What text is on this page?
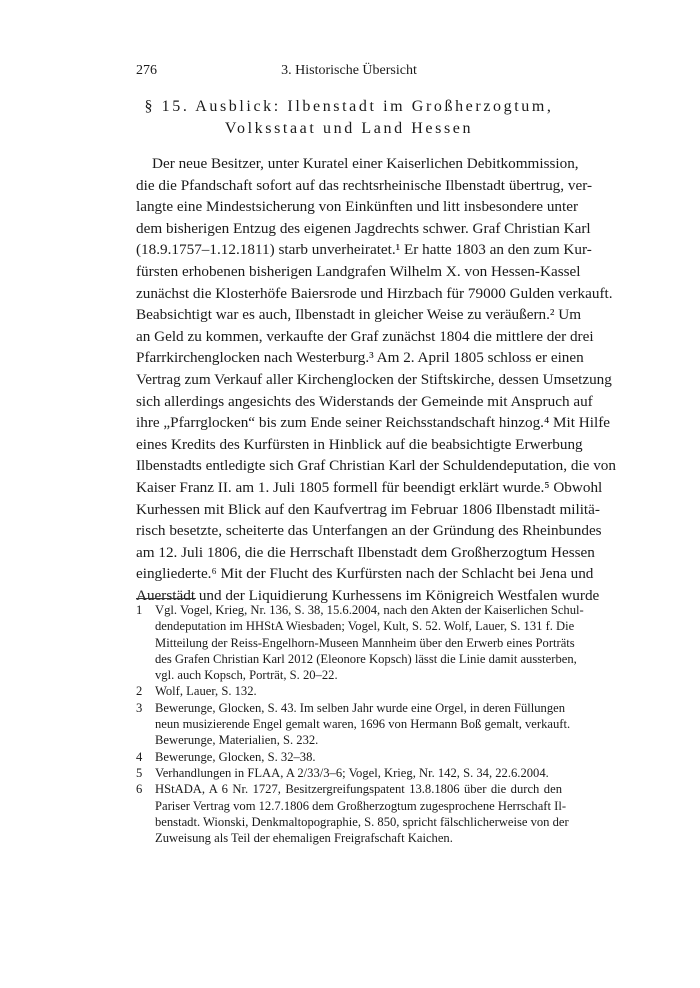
276	3. Historische Übersicht
§ 15. Ausblick: Ilbenstadt im Großherzogtum,
Volksstaat und Land Hessen
Der neue Besitzer, unter Kuratel einer Kaiserlichen Debitkommission,
die die Pfandschaft sofort auf das rechtsrheinische Ilbenstadt übertrug, ver-
langte eine Mindestsicherung von Einkünften und litt insbesondere unter
dem bisherigen Entzug des eigenen Jagdrechts schwer. Graf Christian Karl
(18.9.1757–1.12.1811) starb unverheiratet.¹ Er hatte 1803 an den zum Kur-
fürsten erhobenen bisherigen Landgrafen Wilhelm X. von Hessen-Kassel
zunächst die Klosterhöfe Baiersrode und Hirzbach für 79000 Gulden verkauft.
Beabsichtigt war es auch, Ilbenstadt in gleicher Weise zu veräußern.² Um
an Geld zu kommen, verkaufte der Graf zunächst 1804 die mittlere der drei
Pfarrkirchenglocken nach Westerburg.³ Am 2. April 1805 schloss er einen
Vertrag zum Verkauf aller Kirchenglocken der Stiftskirche, dessen Umsetzung
sich allerdings angesichts des Widerstands der Gemeinde mit Anspruch auf
ihre „Pfarrglocken“ bis zum Ende seiner Reichsstandschaft hinzog.⁴ Mit Hilfe
eines Kredits des Kurfürsten in Hinblick auf die beabsichtigte Erwerbung
Ilbenstadts entledigte sich Graf Christian Karl der Schuldendeputation, die von
Kaiser Franz II. am 1. Juli 1805 formell für beendigt erklärt wurde.⁵ Obwohl
Kurhessen mit Blick auf den Kaufvertrag im Februar 1806 Ilbenstadt militä-
risch besetzte, scheiterte das Unterfangen an der Gründung des Rheinbundes
am 12. Juli 1806, die die Herrschaft Ilbenstadt dem Großherzogtum Hessen
eingliederte.⁶ Mit der Flucht des Kurfürsten nach der Schlacht bei Jena und
Auerstädt und der Liquidierung Kurhessens im Königreich Westfalen wurde
1 Vgl. Vogel, Krieg, Nr. 136, S. 38, 15.6.2004, nach den Akten der Kaiserlichen Schul-
dendeputation im HHStA Wiesbaden; Vogel, Kult, S. 52. Wolf, Lauer, S. 131 f. Die
Mitteilung der Reiss-Engelhorn-Museen Mannheim über den Erwerb eines Porträts
des Grafen Christian Karl 2012 (Eleonore Kopsch) lässt die Linie damit aussterben,
vgl. auch Kopsch, Porträt, S. 20–22.
2 Wolf, Lauer, S. 132.
3 Bewerunge, Glocken, S. 43. Im selben Jahr wurde eine Orgel, in deren Füllungen
neun musizierende Engel gemalt waren, 1696 von Hermann Boß gemalt, verkauft.
Bewerunge, Materialien, S. 232.
4 Bewerunge, Glocken, S. 32–38.
5 Verhandlungen in FLAA, A 2/33/3–6; Vogel, Krieg, Nr. 142, S. 34, 22.6.2004.
6 HStADA, A 6 Nr. 1727, Besitzergreifungspatent 13.8.1806 über die durch den
Pariser Vertrag vom 12.7.1806 dem Großherzogtum zugesprochene Herrschaft Il-
benstadt. Wionski, Denkmaltopographie, S. 850, spricht fälschlicherweise von der
Zuweisung als Teil der ehemaligen Freigrafschaft Kaichen.
